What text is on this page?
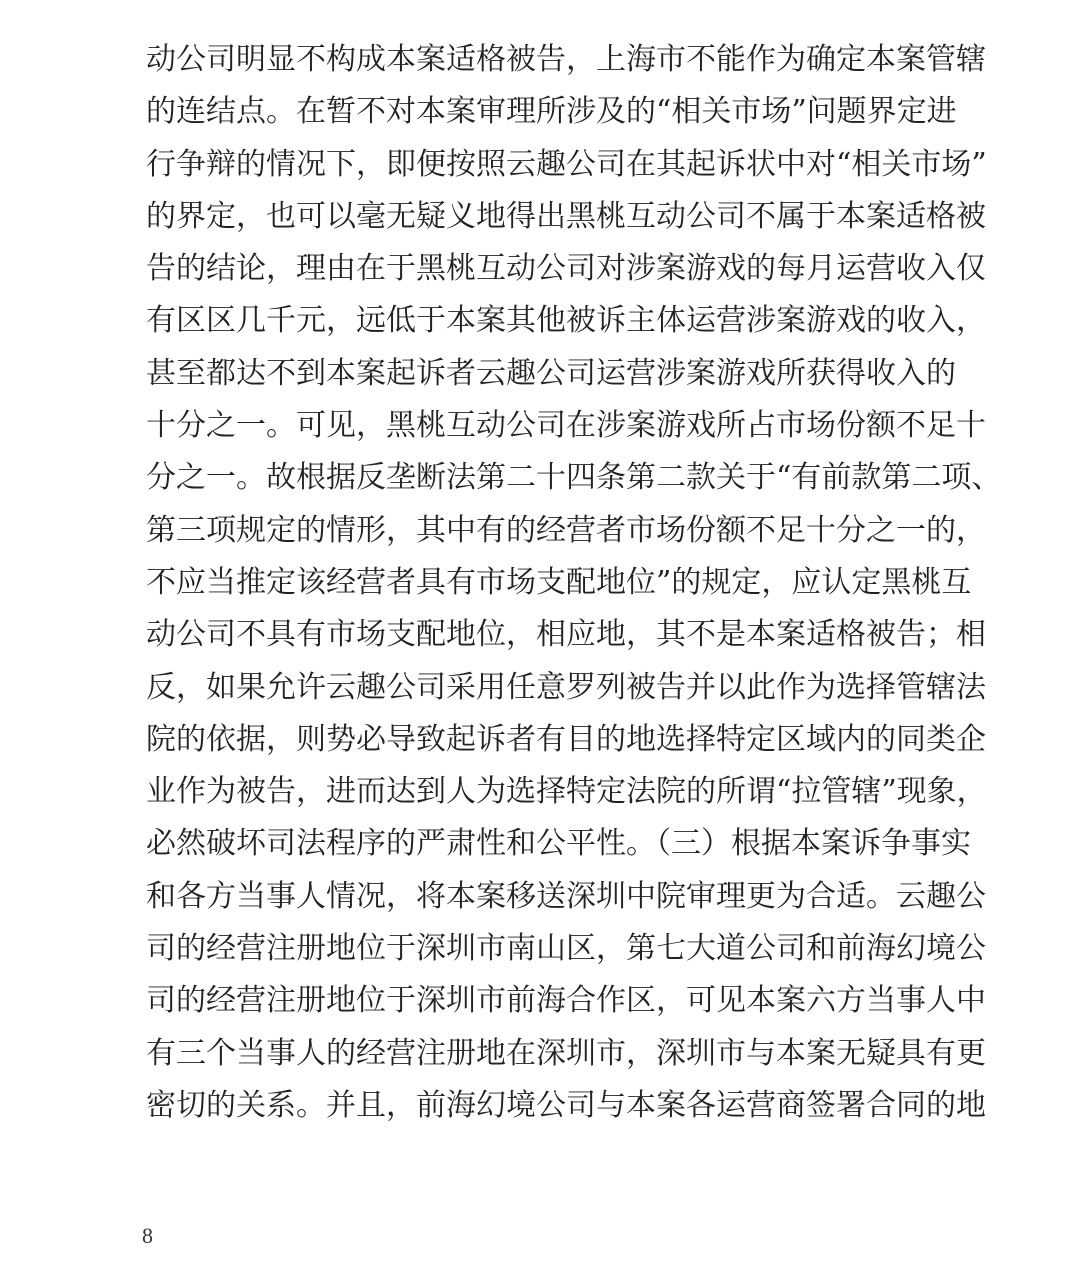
动公司明显不构成本案适格被告，上海市不能作为确定本案管辖
的连结点。在暂不对本案审理所涉及的“相关市场”问题界定进
行争辩的情况下，即便按照云趣公司在其起诉状中对“相关市场”
的界定，也可以毫无疑义地得出黑桃互动公司不属于本案适格被
告的结论，理由在于黑桃互动公司对涉案游戏的每月运营收入仅
有区区几千元，远低于本案其他被诉主体运营涉案游戏的收入，
甚至都达不到本案起诉者云趣公司运营涉案游戏所获得收入的
十分之一。可见，黑桃互动公司在涉案游戏所占市场份额不足十
分之一。故根据反垄断法第二十四条第二款关于“有前款第二项、
第三项规定的情形，其中有的经营者市场份额不足十分之一的，
不应当推定该经营者具有市场支配地位”的规定，应认定黑桃互
动公司不具有市场支配地位，相应地，其不是本案适格被告；相
反，如果允许云趣公司采用任意罗列被告并以此作为选择管辖法
院的依据，则势必导致起诉者有目的地选择特定区域内的同类企
业作为被告，进而达到人为选择特定法院的所谓“拉管辖”现象，
必然破坏司法程序的严肃性和公平性。（三）根据本案诉争事实
和各方当事人情况，将本案移送深圳中院审理更为合适。云趣公
司的经营注册地位于深圳市南山区，第七大道公司和前海幻境公
司的经营注册地位于深圳市前海合作区，可见本案六方当事人中
有三个当事人的经营注册地在深圳市，深圳市与本案无疑具有更
密切的关系。并且，前海幻境公司与本案各运营商签署合同的地
8
